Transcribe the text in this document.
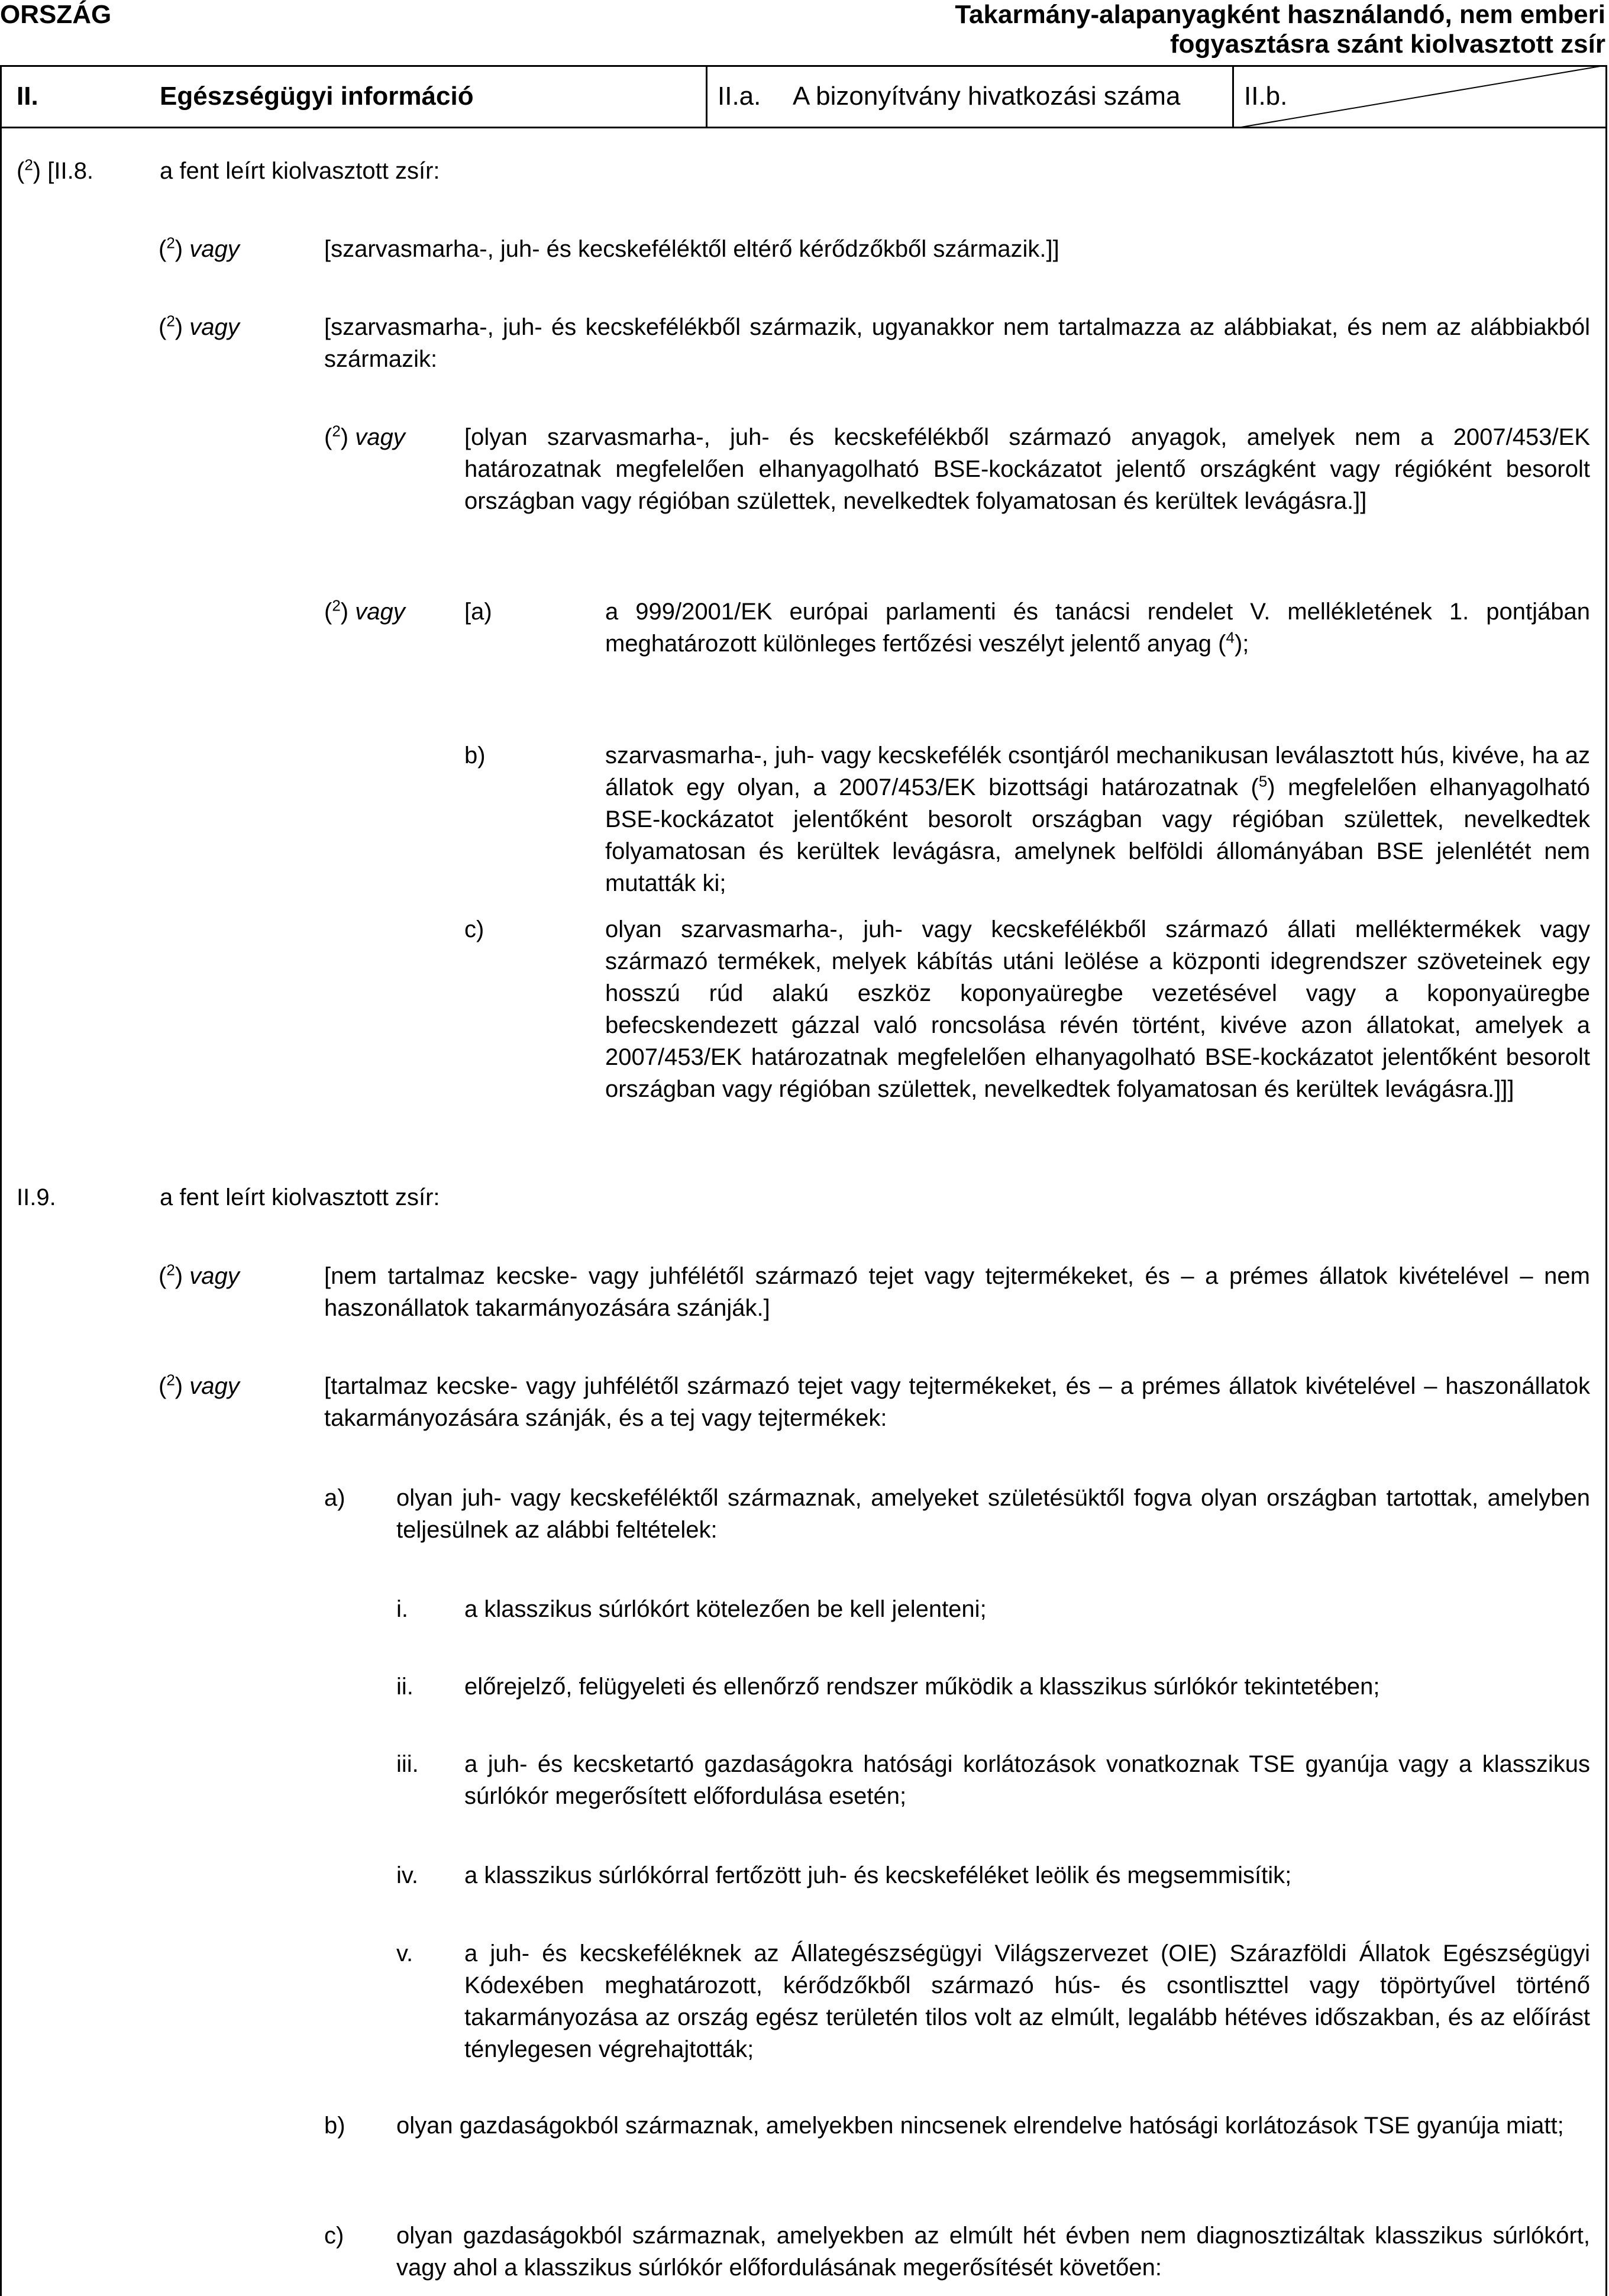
ORSZÁG	Takarmány-alapanyagként használandó, nem emberi
fogyasztásra szánt kiolvasztott zsír
II.	Egészségügyi információ	II.a. A bizonyítvány hivatkozási száma II.b.
($^2$) [II.8.	a fent leírt kiolvasztott zsír:
($^2$) vagy	[szarvasmarha-, juh- és kecskeféléktől eltérő kérődzőkből származik.]]
($^2$) vagy	[szarvasmarha-, juh- és kecskefélékből származik, ugyanakkor nem tartalmazza az alábbiakat, és nem az alábbiakból származik:
($^2$) vagy	[olyan szarvasmarha-, juh- és kecskefélékből származó anyagok, amelyek nem a 2007/453/EK határozatnak megfelelően elhanyagolható BSE-kockázatot jelentő országként vagy régióként besorolt országban vagy régióban születtek, nevelkedtek folyamatosan és kerültek levágásra.]]
($^2$) vagy	[a)	a 999/2001/EK európai parlamenti és tanácsi rendelet V. mellékletének 1. pontjában meghatározott különleges fertőzési veszélyt jelentő anyag ($^4$);
b)	szarvasmarha-, juh- vagy kecskefélék csontjáról mechanikusan leválasztott hús, kivéve, ha az állatok egy olyan, a 2007/453/EK bizottsági határozatnak ($^5$) megfelelően elhanyagolható BSE-kockázatot jelentőként besorolt országban vagy régióban születtek, nevelkedtek folyamatosan és kerültek levágásra, amelynek belföldi állományában BSE jelenlétét nem mutatták ki;
c)	olyan szarvasmarha-, juh- vagy kecskefélékből származó állati melléktermékek vagy származó termékek, melyek kábítás utáni leölése a központi idegrendszer szöveteinek egy hosszú rúd alakú eszköz koponyaüregbe vezetésével vagy a koponyaüregbe befecskendezett gázzal való roncsolása révén történt, kivéve azon állatokat, amelyek a 2007/453/EK határozatnak megfelelően elhanyagolható BSE-kockázatot jelentőként besorolt országban vagy régióban születtek, nevelkedtek folyamatosan és kerültek levágásra.]]]
II.9.	a fent leírt kiolvasztott zsír:
($^2$) vagy	[nem tartalmaz kecske- vagy juhfélétől származó tejet vagy tejtermékeket, és – a prémes állatok kivételével – nem haszonállatok takarmányozására szánják.]
($^2$) vagy	[tartalmaz kecske- vagy juhfélétől származó tejet vagy tejtermékeket, és – a prémes állatok kivételével – haszonállatok takarmányozására szánják, és a tej vagy tejtermékek:
a) olyan juh- vagy kecskeféléktől származnak, amelyeket születésüktől fogva olyan országban tartottak, amelyben teljesülnek az alábbi feltételek:
i. a klasszikus súrlókórt kötelezően be kell jelenteni;
ii. előrejelző, felügyeleti és ellenőrző rendszer működik a klasszikus súrlókór tekintetében;
iii. a juh- és kecsketartó gazdaságokra hatósági korlátozások vonatkoznak TSE gyanúja vagy a klasszikus súrlókór megerősített előfordulása esetén;
iv. a klasszikus súrlókórral fertőzött juh- és kecskeféléket leölik és megsemmisítik;
v. a juh- és kecskeféléknek az Állategészségügyi Világszervezet (OIE) Szárazföldi Állatok Egészségügyi Kódexében meghatározott, kérődzőkből származó hús- és csontliszttel vagy töpörtyűvel történő takarmányozása az ország egész területén tilos volt az elmúlt, legalább hétéves időszakban, és az előírást ténylegesen végrehajtották;
b) olyan gazdaságokból származnak, amelyekben nincsenek elrendelve hatósági korlátozások TSE gyanúja miatt;
c) olyan gazdaságokból származnak, amelyekben az elmúlt hét évben nem diagnosztizáltak klasszikus súrlókórt, vagy ahol a klasszikus súrlókór előfordulásának megerősítését követően:
